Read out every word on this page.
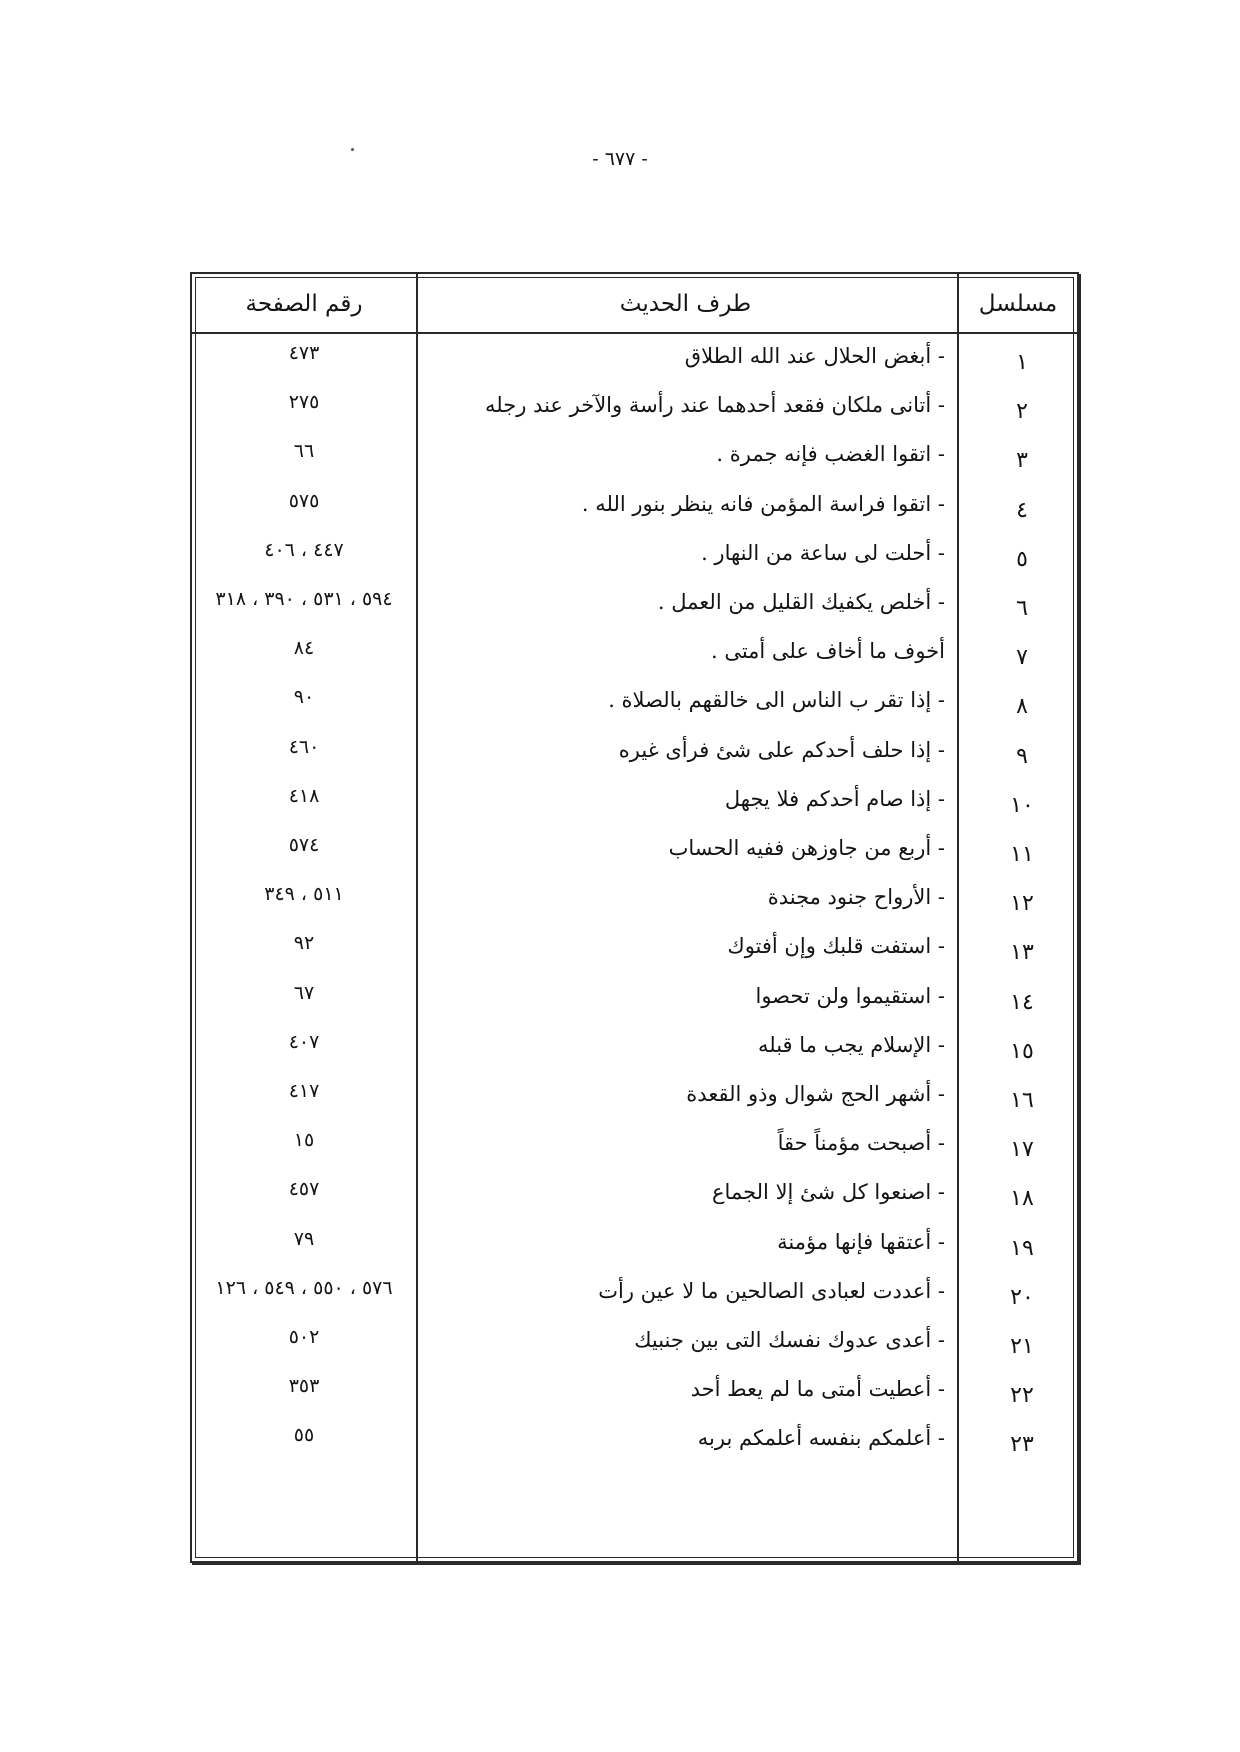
- ٦٧٧ -
مسلسل
طرف الحديث
رقم الصفحة
١
- أبغض الحلال عند الله الطلاق
٤٧٣
٢
- أتانى ملكان فقعد أحدهما عند رأسة والآخر عند رجله
٢٧٥
٣
- اتقوا الغضب فإنه جمرة .
٦٦
٤
- اتقوا فراسة المؤمن فانه ينظر بنور الله .
٥٧٥
٥
- أحلت لى ساعة من النهار .
٤٤٧ ، ٤٠٦
٦
- أخلص يكفيك القليل من العمل .
٥٩٤ ، ٥٣١ ، ٣٩٠ ، ٣١٨
٧
أخوف ما أخاف على أمتى .
٨٤
٨
- إذا تقر ب الناس الى خالقهم بالصلاة .
٩٠
٩
- إذا حلف أحدكم على شئ فرأى غيره
٤٦٠
١٠
- إذا صام أحدكم فلا يجهل
٤١٨
١١
- أربع من جاوزهن ففيه الحساب
٥٧٤
١٢
- الأرواح جنود مجندة
٥١١ ، ٣٤٩
١٣
- استفت قلبك وإن أفتوك
٩٢
١٤
- استقيموا ولن تحصوا
٦٧
١٥
- الإسلام يجب ما قبله
٤٠٧
١٦
- أشهر الحج شوال وذو القعدة
٤١٧
١٧
- أصبحت مؤمناً حقاً
١٥
١٨
- اصنعوا كل شئ إلا الجماع
٤٥٧
١٩
- أعتقها فإنها مؤمنة
٧٩
٢٠
- أعددت لعبادى الصالحين ما لا عين رأت
٥٧٦ ، ٥٥٠ ، ٥٤٩ ، ١٢٦
٢١
- أعدى عدوك نفسك التى بين جنبيك
٥٠٢
٢٢
- أعطيت أمتى ما لم يعط أحد
٣٥٣
٢٣
- أعلمكم بنفسه أعلمكم بربه
٥٥
